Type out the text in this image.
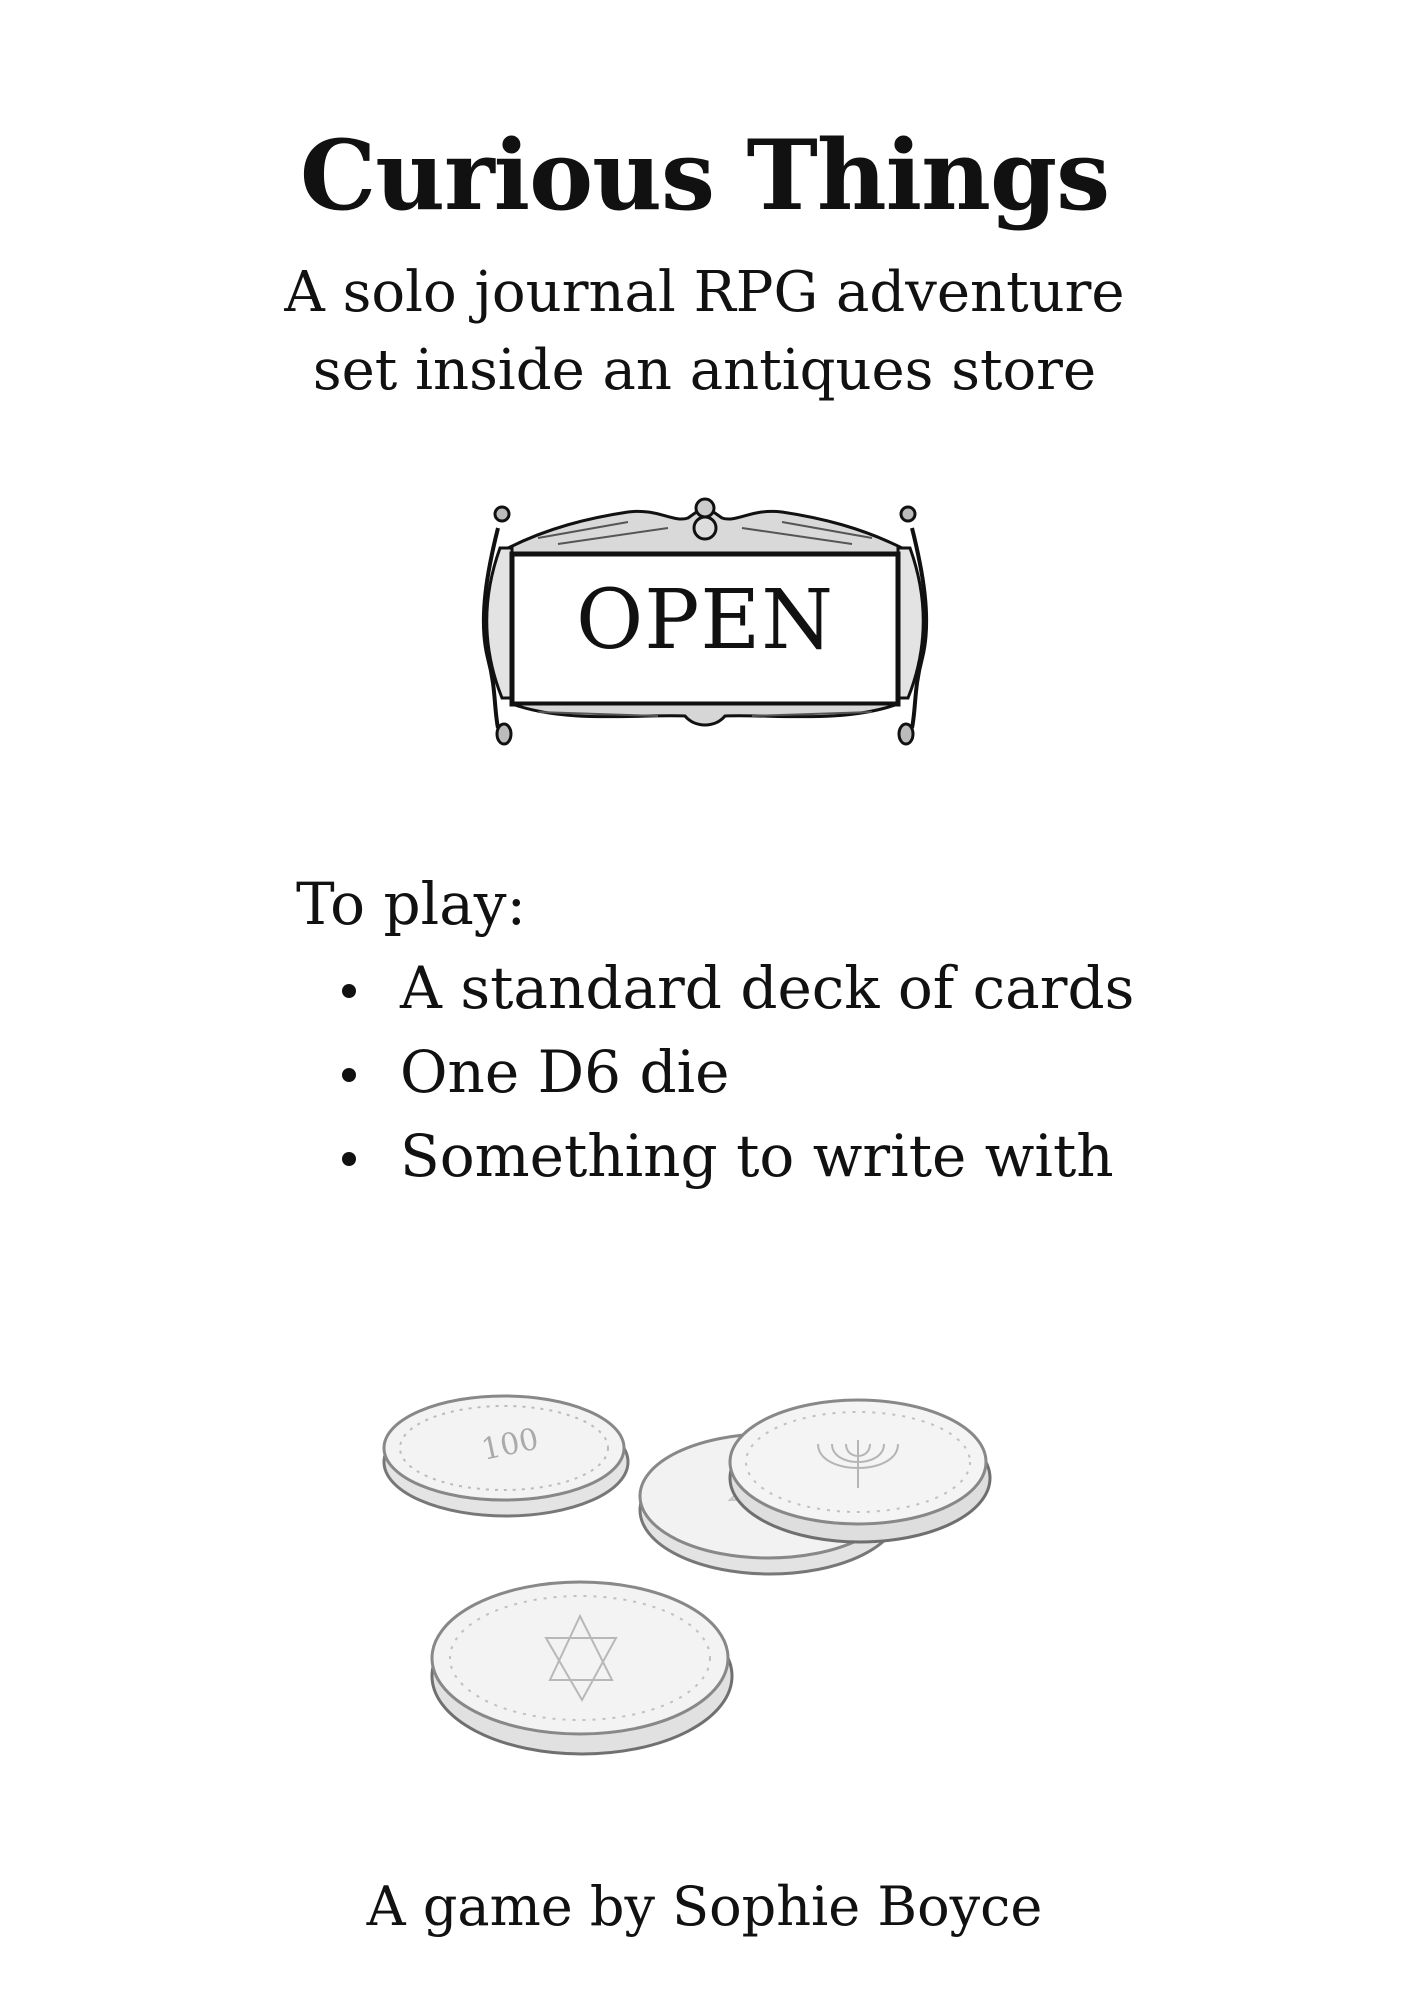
Curious Things
A solo journal RPG adventure
set inside an antiques store
OPEN
To play:
A standard deck of cards
One D6 die
Something to write with
100
A game by Sophie Boyce
